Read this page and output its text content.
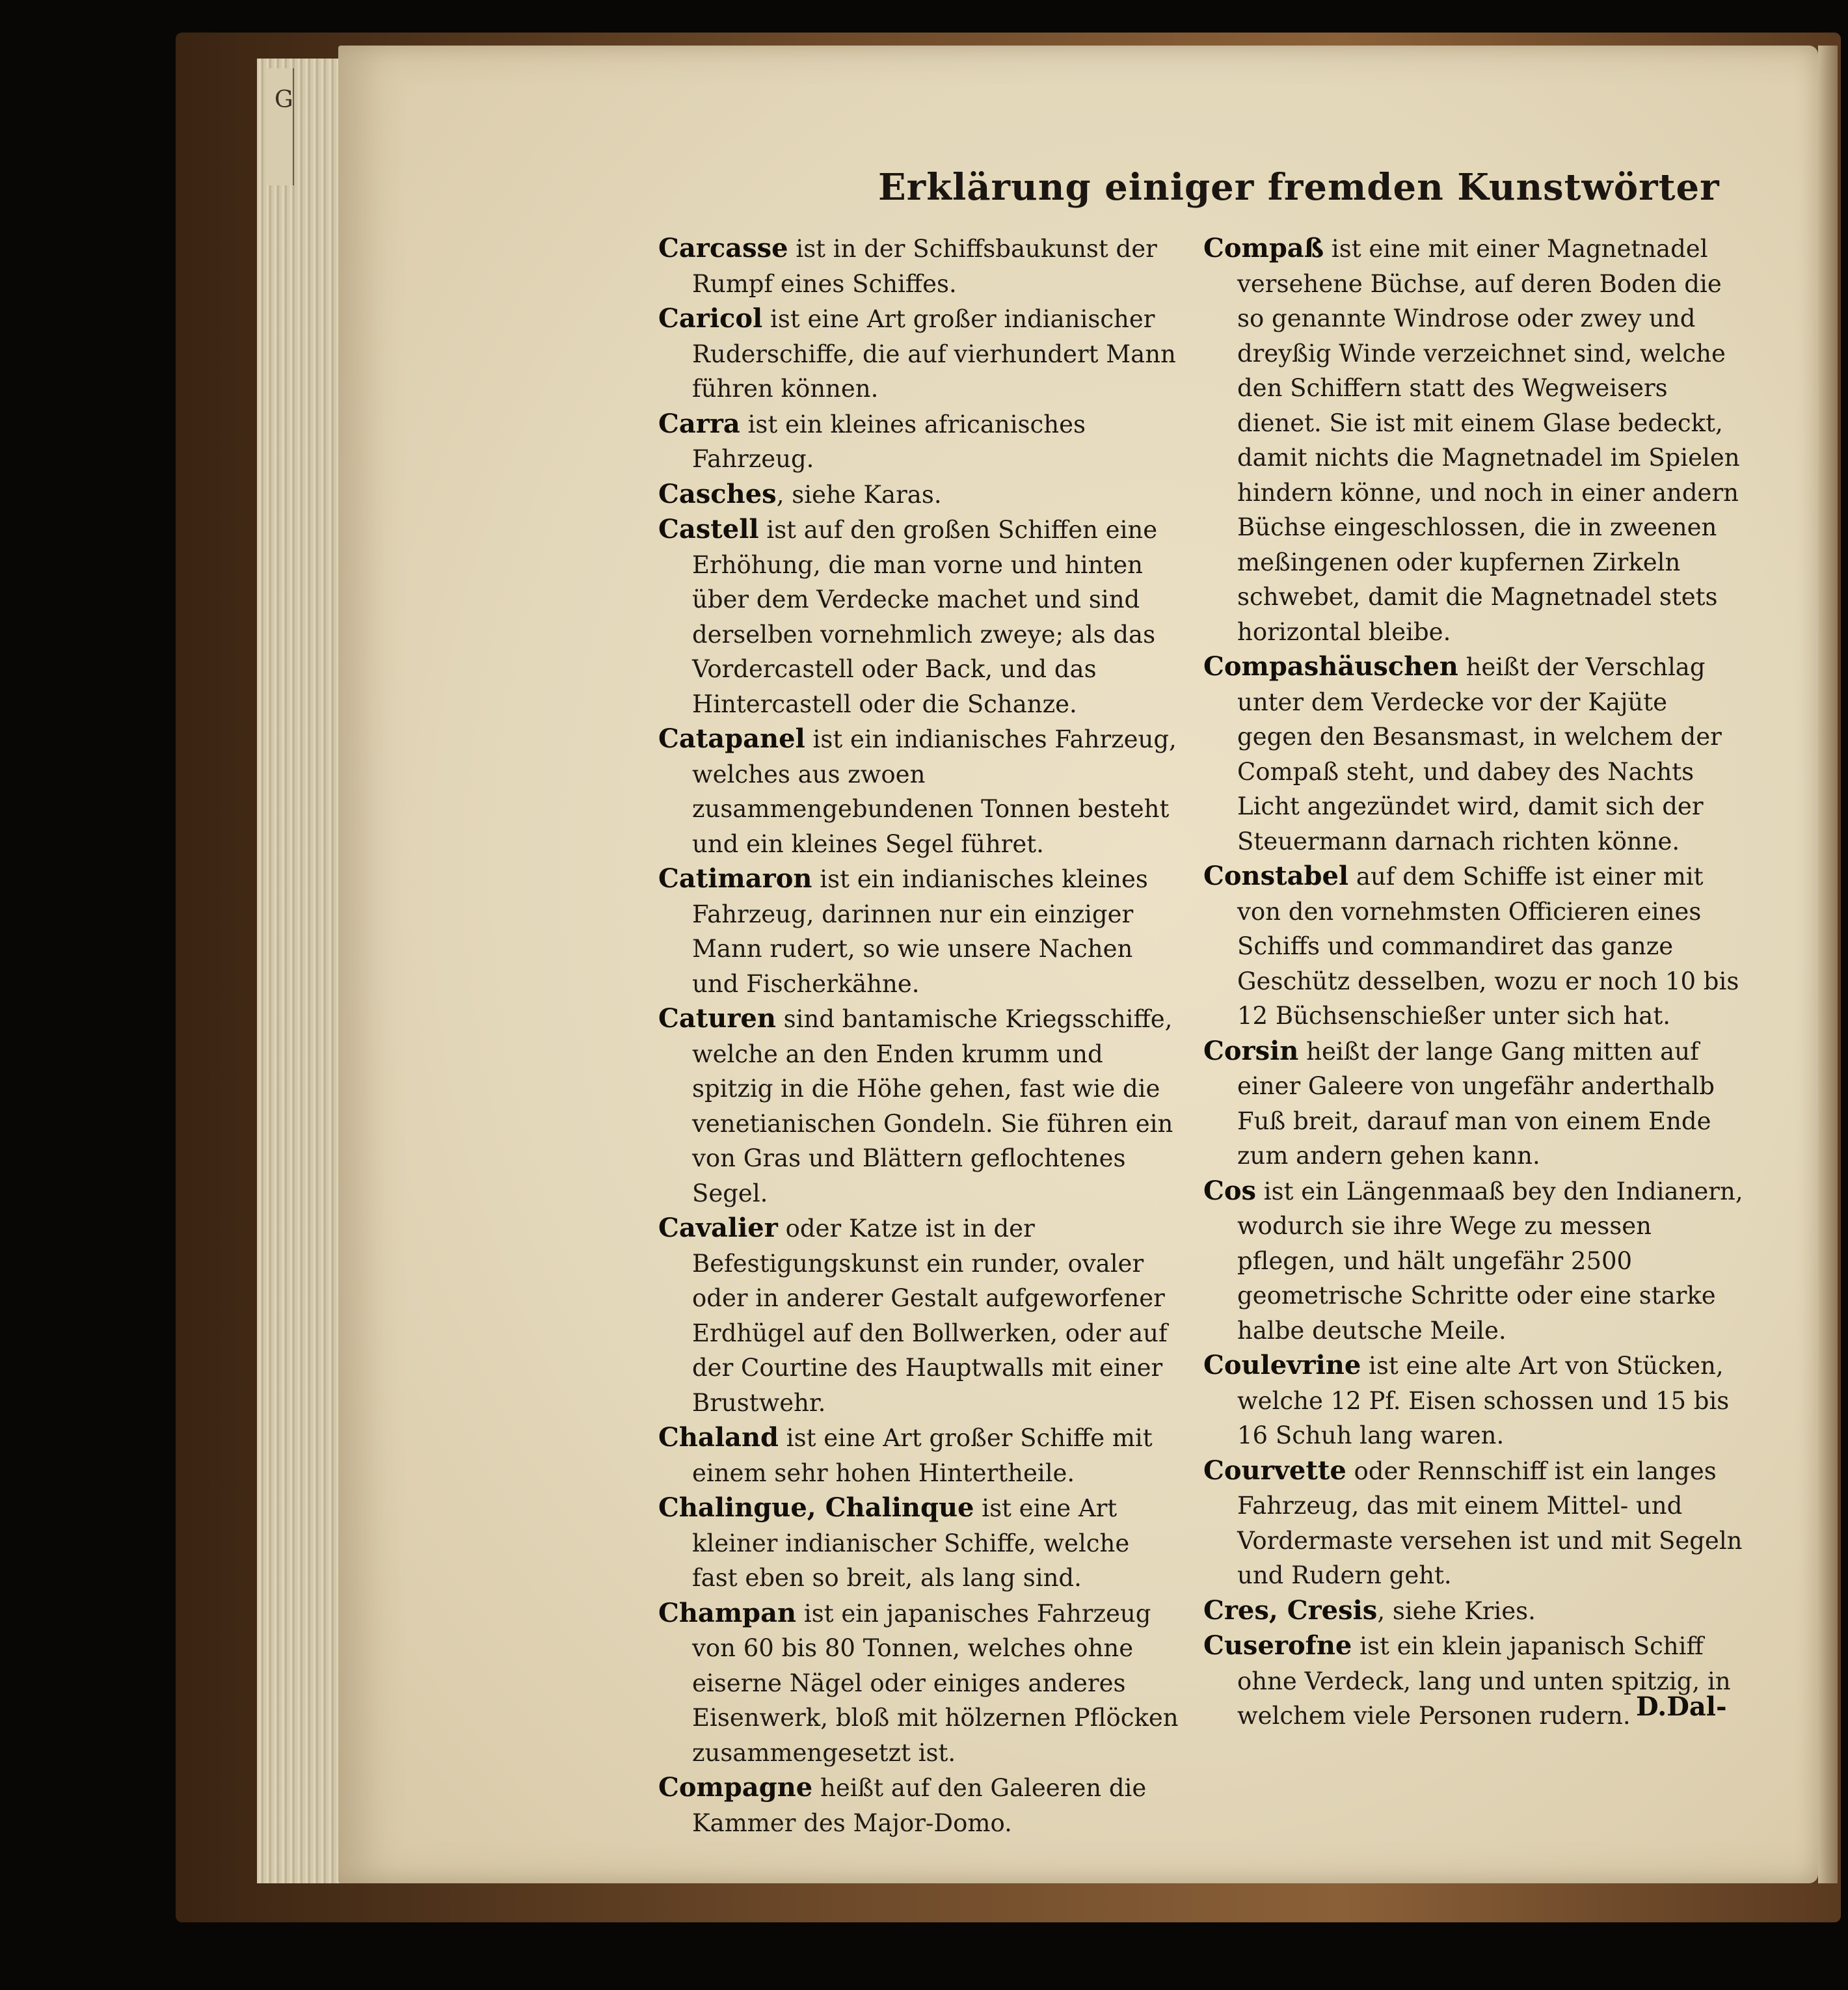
G
Erklärung einiger fremden Kunstwörter

Carcasse ist in der Schiffsbaukunst der Rumpf eines Schiffes.

Caricol ist eine Art großer indianischer Ruderschiffe, die auf vierhundert Mann führen können.

Carra ist ein kleines africanisches Fahrzeug.

Casches, siehe Karas.

Castell ist auf den großen Schiffen eine Erhöhung, die man vorne und hinten über dem Verdecke machet und sind derselben vornehmlich zweye; als das Vordercastell oder Back, und das Hintercastell oder die Schanze.

Catapanel ist ein indianisches Fahrzeug, welches aus zwoen zusammengebundenen Tonnen besteht und ein kleines Segel führet.

Catimaron ist ein indianisches kleines Fahrzeug, darinnen nur ein einziger Mann rudert, so wie unsere Nachen und Fischerkähne.

Caturen sind bantamische Kriegsschiffe, welche an den Enden krumm und spitzig in die Höhe gehen, fast wie die venetianischen Gondeln. Sie führen ein von Gras und Blättern geflochtenes Segel.

Cavalier oder Katze ist in der Befestigungskunst ein runder, ovaler oder in anderer Gestalt aufgeworfener Erdhügel auf den Bollwerken, oder auf der Courtine des Hauptwalls mit einer Brustwehr.

Chaland ist eine Art großer Schiffe mit einem sehr hohen Hintertheile.

Chalingue, Chalinque ist eine Art kleiner indianischer Schiffe, welche fast eben so breit, als lang sind.

Champan ist ein japanisches Fahrzeug von 60 bis 80 Tonnen, welches ohne eiserne Nägel oder einiges anderes Eisenwerk, bloß mit hölzernen Pflöcken zusammengesetzt ist.

Compagne heißt auf den Galeeren die Kammer des Major-Domo.

Compaß ist eine mit einer Magnetnadel versehene Büchse, auf deren Boden die so genannte Windrose oder zwey und dreyßig Winde verzeichnet sind, welche den Schiffern statt des Wegweisers dienet. Sie ist mit einem Glase bedeckt, damit nichts die Magnetnadel im Spielen hindern könne, und noch in einer andern Büchse eingeschlossen, die in zweenen meßingenen oder kupfernen Zirkeln schwebet, damit die Magnetnadel stets horizontal bleibe.

Compashäuschen heißt der Verschlag unter dem Verdecke vor der Kajüte gegen den Besansmast, in welchem der Compaß steht, und dabey des Nachts Licht angezündet wird, damit sich der Steuermann darnach richten könne.

Constabel auf dem Schiffe ist einer mit von den vornehmsten Officieren eines Schiffs und commandiret das ganze Geschütz desselben, wozu er noch 10 bis 12 Büchsenschießer unter sich hat.

Corsin heißt der lange Gang mitten auf einer Galeere von ungefähr anderthalb Fuß breit, darauf man von einem Ende zum andern gehen kann.

Cos ist ein Längenmaaß bey den Indianern, wodurch sie ihre Wege zu messen pflegen, und hält ungefähr 2500 geometrische Schritte oder eine starke halbe deutsche Meile.

Coulevrine ist eine alte Art von Stücken, welche 12 Pf. Eisen schossen und 15 bis 16 Schuh lang waren.

Courvette oder Rennschiff ist ein langes Fahrzeug, das mit einem Mittel- und Vordermaste versehen ist und mit Segeln und Rudern geht.

Cres, Cresis, siehe Kries.

Cuserofne ist ein klein japanisch Schiff ohne Verdeck, lang und unten spitzig, in welchem viele Personen rudern. D.Dal-
